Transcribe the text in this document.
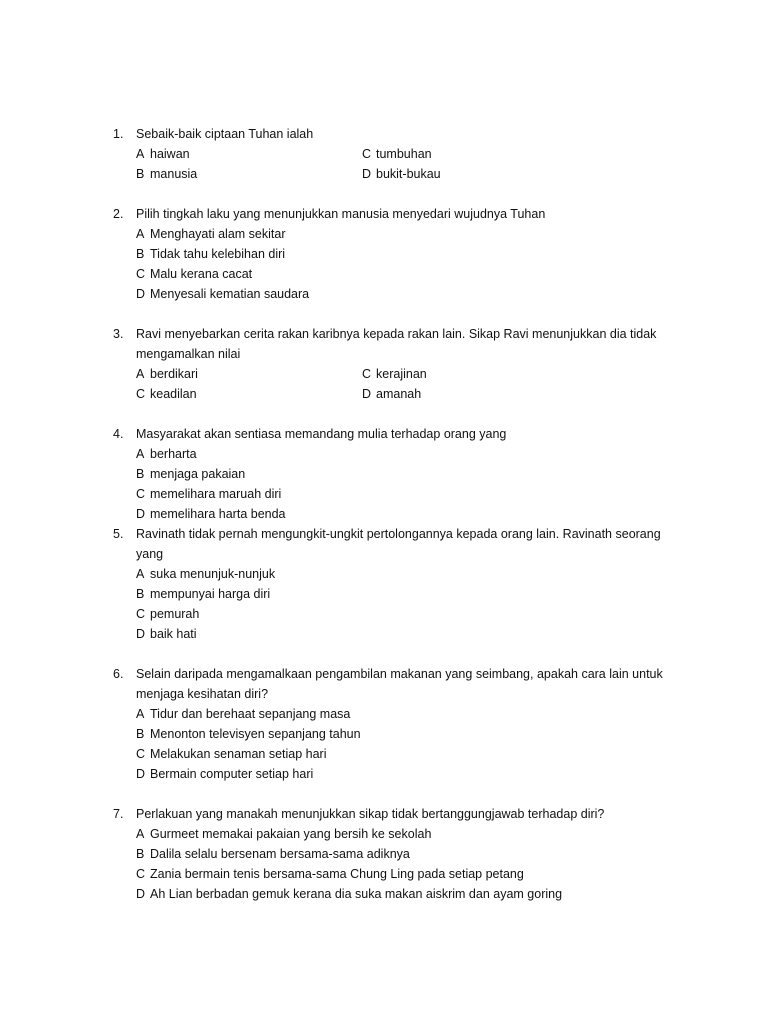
1. Sebaik-baik ciptaan Tuhan ialah
A haiwan	C tumbuhan
B manusia	D bukit-bukau
2. Pilih tingkah laku yang menunjukkan manusia menyedari wujudnya Tuhan
A Menghayati alam sekitar
B Tidak tahu kelebihan diri
C Malu kerana cacat
D Menyesali kematian saudara
3. Ravi menyebarkan cerita rakan karibnya kepada rakan lain. Sikap Ravi menunjukkan dia tidak
mengamalkan nilai
A berdikari	C kerajinan
C keadilan	D amanah
4. Masyarakat akan sentiasa memandang mulia terhadap orang yang
A berharta
B menjaga pakaian
C memelihara maruah diri
D memelihara harta benda
5. Ravinath tidak pernah mengungkit-ungkit pertolongannya kepada orang lain. Ravinath seorang
yang
A suka menunjuk-nunjuk
B mempunyai harga diri
C pemurah
D baik hati
6. Selain daripada mengamalkaan pengambilan makanan yang seimbang, apakah cara lain untuk
menjaga kesihatan diri?
A Tidur dan berehaat sepanjang masa
B Menonton televisyen sepanjang tahun
C Melakukan senaman setiap hari
D Bermain computer setiap hari
7. Perlakuan yang manakah menunjukkan sikap tidak bertanggungjawab terhadap diri?
A Gurmeet memakai pakaian yang bersih ke sekolah
B Dalila selalu bersenam bersama-sama adiknya
C Zania bermain tenis bersama-sama Chung Ling pada setiap petang
D Ah Lian berbadan gemuk kerana dia suka makan aiskrim dan ayam goring
